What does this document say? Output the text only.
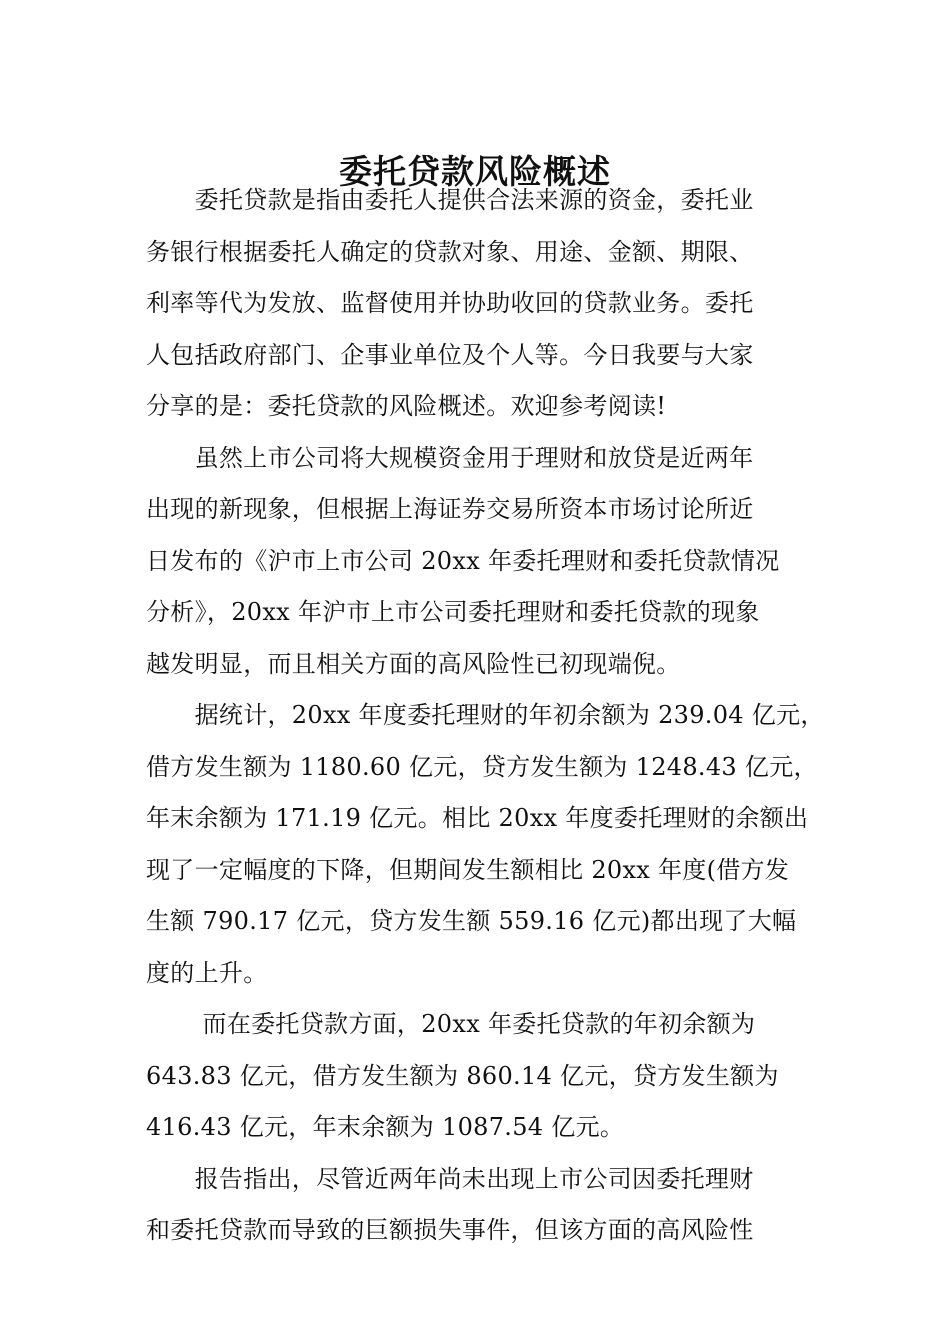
委托贷款风险概述

　　委托贷款是指由委托人提供合法来源的资金，委托业
务银行根据委托人确定的贷款对象、用途、金额、期限、
利率等代为发放、监督使用并协助收回的贷款业务。委托
人包括政府部门、企事业单位及个人等。今日我要与大家
分享的是：委托贷款的风险概述。欢迎参考阅读!

　　虽然上市公司将大规模资金用于理财和放贷是近两年
出现的新现象，但根据上海证券交易所资本市场讨论所近
日发布的《沪市上市公司 20xx 年委托理财和委托贷款情况
分析》，20xx 年沪市上市公司委托理财和委托贷款的现象
越发明显，而且相关方面的高风险性已初现端倪。

　　据统计，20xx 年度委托理财的年初余额为 239.04 亿元，
借方发生额为 1180.60 亿元，贷方发生额为 1248.43 亿元，
年末余额为 171.19 亿元。相比 20xx 年度委托理财的余额出
现了一定幅度的下降，但期间发生额相比 20xx 年度(借方发
生额 790.17 亿元，贷方发生额 559.16 亿元)都出现了大幅
度的上升。

　　 而在委托贷款方面，20xx 年委托贷款的年初余额为
643.83 亿元，借方发生额为 860.14 亿元，贷方发生额为
416.43 亿元，年末余额为 1087.54 亿元。

　　报告指出，尽管近两年尚未出现上市公司因委托理财
和委托贷款而导致的巨额损失事件，但该方面的高风险性
